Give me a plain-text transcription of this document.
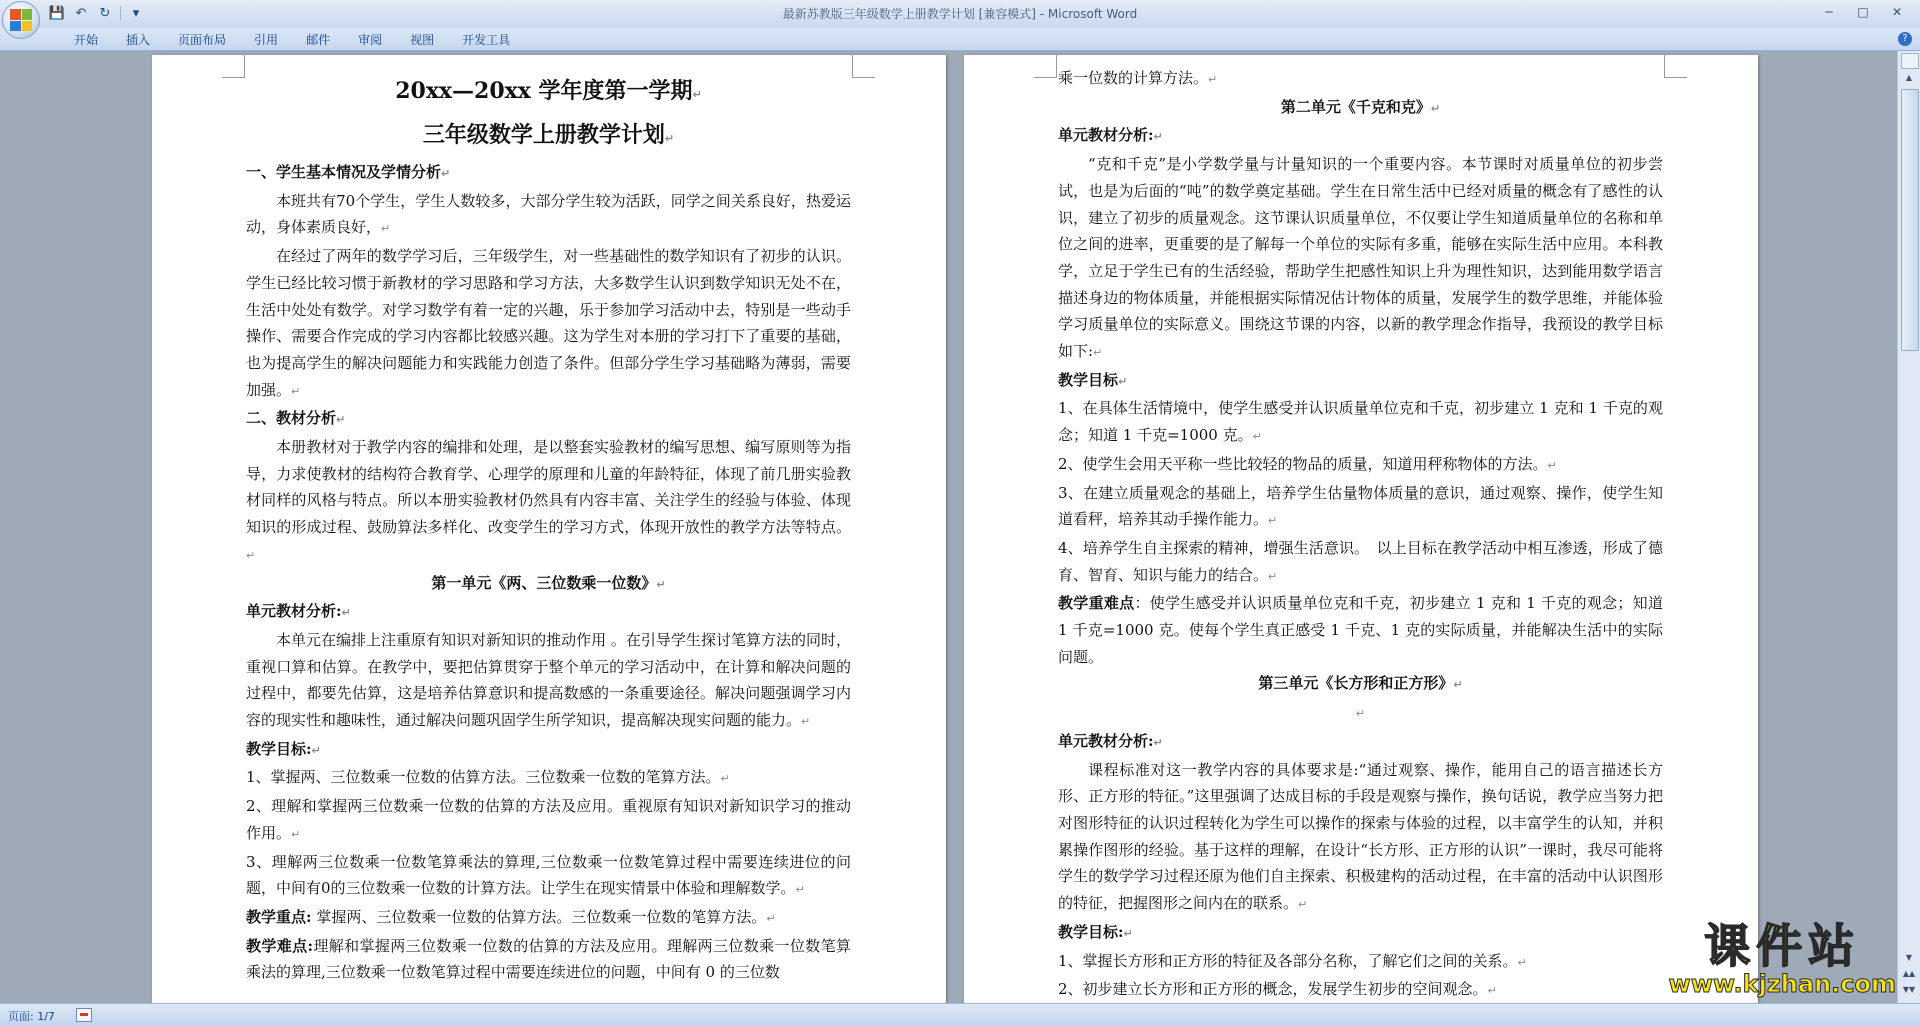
💾 ↶ ↻	▾	最新苏教版三年级数学上册教学计划 [兼容模式] - Microsoft Word	─	□	✕
开始	插入	页面布局	引用	邮件	审阅	视图	开发工具	?

20xx—20xx 学年度第一学期↵

三年级数学上册教学计划↵

一、学生基本情况及学情分析↵

本班共有70个学生，学生人数较多，大部分学生较为活跃，同学之间关系良好，热爱运动，身体素质良好，↵

在经过了两年的数学学习后，三年级学生，对一些基础性的数学知识有了初步的认识。学生已经比较习惯于新教材的学习思路和学习方法，大多数学生认识到数学知识无处不在，生活中处处有数学。对学习数学有着一定的兴趣，乐于参加学习活动中去，特别是一些动手操作、需要合作完成的学习内容都比较感兴趣。这为学生对本册的学习打下了重要的基础，也为提高学生的解决问题能力和实践能力创造了条件。但部分学生学习基础略为薄弱，需要加强。↵

二、教材分析↵

本册教材对于教学内容的编排和处理，是以整套实验教材的编写思想、编写原则等为指导，力求使教材的结构符合教育学、心理学的原理和儿童的年龄特征，体现了前几册实验教材同样的风格与特点。所以本册实验教材仍然具有内容丰富、关注学生的经验与体验、体现知识的形成过程、鼓励算法多样化、改变学生的学习方式，体现开放性的教学方法等特点。↵

第一单元《两、三位数乘一位数》↵

单元教材分析:↵

本单元在编排上注重原有知识对新知识的推动作用 。在引导学生探讨笔算方法的同时，重视口算和估算。在教学中，要把估算贯穿于整个单元的学习活动中，在计算和解决问题的过程中，都要先估算，这是培养估算意识和提高数感的一条重要途径。解决问题强调学习内容的现实性和趣味性，通过解决问题巩固学生所学知识，提高解决现实问题的能力。↵

教学目标:↵

1、掌握两、三位数乘一位数的估算方法。三位数乘一位数的笔算方法。↵

2、理解和掌握两三位数乘一位数的估算的方法及应用。重视原有知识对新知识学习的推动作用。↵

3、理解两三位数乘一位数笔算乘法的算理,三位数乘一位数笔算过程中需要连续进位的问题，中间有0的三位数乘一位数的计算方法。让学生在现实情景中体验和理解数学。↵

教学重点: 掌握两、三位数乘一位数的估算方法。三位数乘一位数的笔算方法。↵

教学难点:理解和掌握两三位数乘一位数的估算的方法及应用。理解两三位数乘一位数笔算乘法的算理,三位数乘一位数笔算过程中需要连续进位的问题，中间有 0 的三位数

乘一位数的计算方法。↵

第二单元《千克和克》↵

单元教材分析:↵

“克和千克”是小学数学量与计量知识的一个重要内容。本节课时对质量单位的初步尝试，也是为后面的“吨”的数学奠定基础。学生在日常生活中已经对质量的概念有了感性的认识，建立了初步的质量观念。这节课认识质量单位，不仅要让学生知道质量单位的名称和单位之间的进率，更重要的是了解每一个单位的实际有多重，能够在实际生活中应用。本科教学，立足于学生已有的生活经验，帮助学生把感性知识上升为理性知识，达到能用数学语言描述身边的物体质量，并能根据实际情况估计物体的质量，发展学生的数学思维，并能体验学习质量单位的实际意义。围绕这节课的内容，以新的教学理念作指导，我预设的教学目标如下:↵

教学目标↵

1、在具体生活情境中，使学生感受并认识质量单位克和千克，初步建立 1 克和 1 千克的观念；知道 1 千克=1000 克。↵

2、使学生会用天平称一些比较轻的物品的质量，知道用秤称物体的方法。↵

3、在建立质量观念的基础上，培养学生估量物体质量的意识，通过观察、操作，使学生知道看秤，培养其动手操作能力。↵

4、培养学生自主探索的精神，增强生活意识。　以上目标在教学活动中相互渗透，形成了德育、智育、知识与能力的结合。↵

教学重难点：使学生感受并认识质量单位克和千克，初步建立 1 克和 1 千克的观念；知道 1 千克=1000 克。使每个学生真正感受 1 千克、1 克的实际质量，并能解决生活中的实际问题。

第三单元《长方形和正方形》↵

↵

单元教材分析:↵

课程标准对这一教学内容的具体要求是:“通过观察、操作，能用自己的语言描述长方形、正方形的特征。”这里强调了达成目标的手段是观察与操作，换句话说，教学应当努力把对图形特征的认识过程转化为学生可以操作的探索与体验的过程，以丰富学生的认知，并积累操作图形的经验。基于这样的理解，在设计“长方形、正方形的认识”一课时，我尽可能将学生的数学学习过程还原为他们自主探索、积极建构的活动过程，在丰富的活动中认识图形的特征，把握图形之间内在的联系。↵

教学目标:↵

1、掌握长方形和正方形的特征及各部分名称，了解它们之间的关系。↵

2、初步建立长方形和正方形的概念，发展学生初步的空间观念。↵

▲
▼
▲▲
▼▼
页面: 1/7
课件站
www.kjzhan.com
